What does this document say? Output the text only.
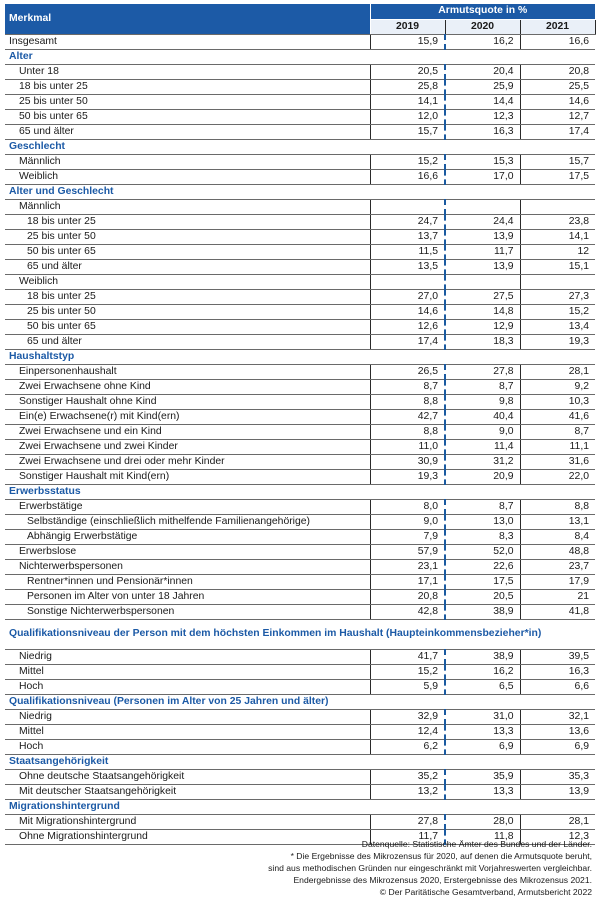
Merkmal	Armutsquote in %		
	2019	2020	2021
Insgesamt	15,9	16,2	16,6
Alter			
Unter 18	20,5	20,4	20,8
18 bis unter 25	25,8	25,9	25,5
25 bis unter 50	14,1	14,4	14,6
50 bis unter 65	12,0	12,3	12,7
65 und älter	15,7	16,3	17,4
Geschlecht			
Männlich	15,2	15,3	15,7
Weiblich	16,6	17,0	17,5
Alter und Geschlecht			
Männlich			
18 bis unter 25	24,7	24,4	23,8
25 bis unter 50	13,7	13,9	14,1
50 bis unter 65	11,5	11,7	12
65 und älter	13,5	13,9	15,1
Weiblich			
18 bis unter 25	27,0	27,5	27,3
25 bis unter 50	14,6	14,8	15,2
50 bis unter 65	12,6	12,9	13,4
65 und älter	17,4	18,3	19,3
Haushaltstyp			
Einpersonenhaushalt	26,5	27,8	28,1
Zwei Erwachsene ohne Kind	8,7	8,7	9,2
Sonstiger Haushalt ohne Kind	8,8	9,8	10,3
Ein(e) Erwachsene(r) mit Kind(ern)	42,7	40,4	41,6
Zwei Erwachsene und ein Kind	8,8	9,0	8,7
Zwei Erwachsene und zwei Kinder	11,0	11,4	11,1
Zwei Erwachsene und drei oder mehr Kinder	30,9	31,2	31,6
Sonstiger Haushalt mit Kind(ern)	19,3	20,9	22,0
Erwerbsstatus			
Erwerbstätige	8,0	8,7	8,8
Selbständige (einschließlich mithelfende Familienangehörige)	9,0	13,0	13,1
Abhängig Erwerbstätige	7,9	8,3	8,4
Erwerbslose	57,9	52,0	48,8
Nichterwerbspersonen	23,1	22,6	23,7
Rentner*innen und Pensionär*innen	17,1	17,5	17,9
Personen im Alter von unter 18 Jahren	20,8	20,5	21
Sonstige Nichterwerbspersonen	42,8	38,9	41,8
Qualifikationsniveau der Person mit dem höchsten Einkommen im Haushalt (Haupteinkommensbezieher*in)			
Niedrig	41,7	38,9	39,5
Mittel	15,2	16,2	16,3
Hoch	5,9	6,5	6,6
Qualifikationsniveau (Personen im Alter von 25 Jahren und älter)			
Niedrig	32,9	31,0	32,1
Mittel	12,4	13,3	13,6
Hoch	6,2	6,9	6,9
Staatsangehörigkeit			
Ohne deutsche Staatsangehörigkeit	35,2	35,9	35,3
Mit deutscher Staatsangehörigkeit	13,2	13,3	13,9
Migrationshintergrund			
Mit Migrationshintergrund	27,8	28,0	28,1
Ohne Migrationshintergrund	11,7	11,8	12,3
Datenquelle: Statistische Ämter des Bundes und der Länder.
* Die Ergebnisse des Mikrozensus für 2020, auf denen die Armutsquote beruht,
sind aus methodischen Gründen nur eingeschränkt mit Vorjahreswerten vergleichbar.
Endergebnisse des Mikrozensus 2020, Erstergebnisse des Mikrozensus 2021.
© Der Paritätische Gesamtverband, Armutsbericht 2022
